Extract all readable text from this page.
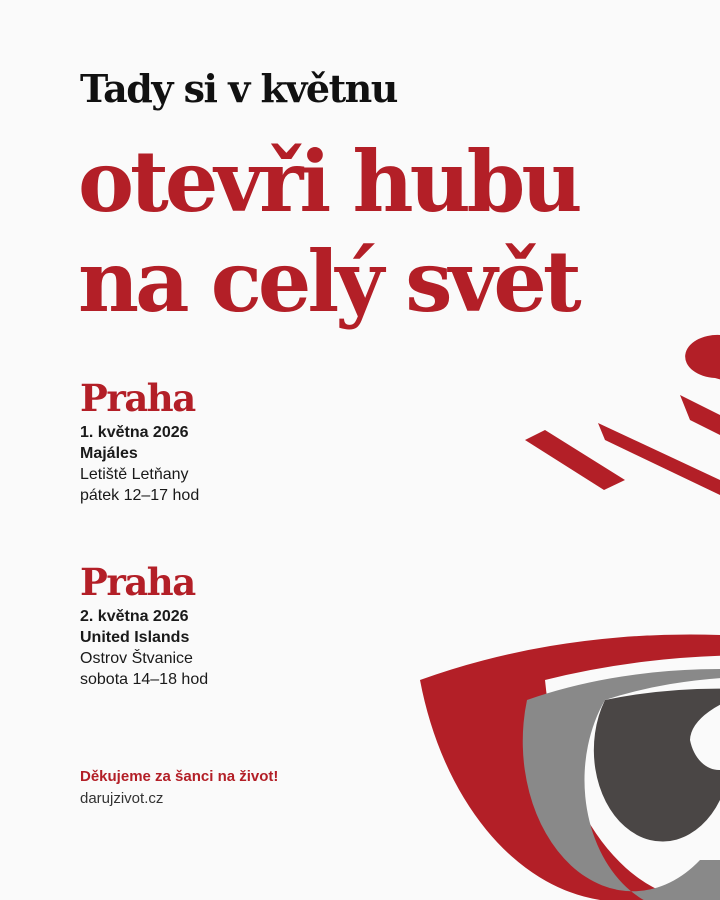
Tady si v květnu
otevři hubu
na celý svět
Praha
1. května 2026
Majáles
Letiště Letňany
pátek 12–17 hod
Praha
2. května 2026
United Islands
Ostrov Štvanice
sobota 14–18 hod
Děkujeme za šanci na život!
darujzivot.cz
